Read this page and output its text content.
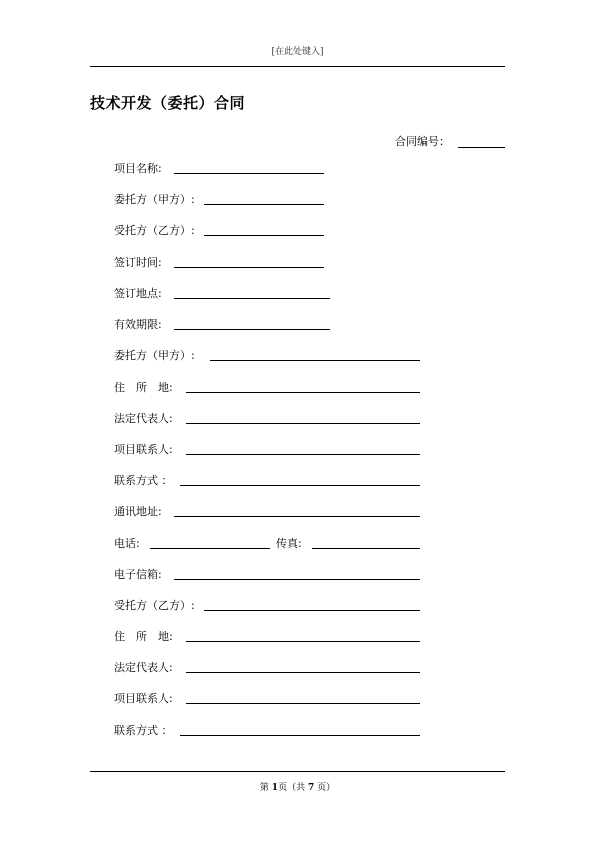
[在此处键入]
技术开发（委托）合同
合同编号：
项目名称:
委托方（甲方）:
受托方（乙方）:
签订时间:
签订地点:
有效期限:
委托方（甲方）:
住　所　地:
法定代表人:
项目联系人:
联系方式 ：
通讯地址:
电话:	传真:
电子信箱:
受托方（乙方）:
住　所　地:
法定代表人:
项目联系人:
联系方式 ：
第 1页（共 7 页）
